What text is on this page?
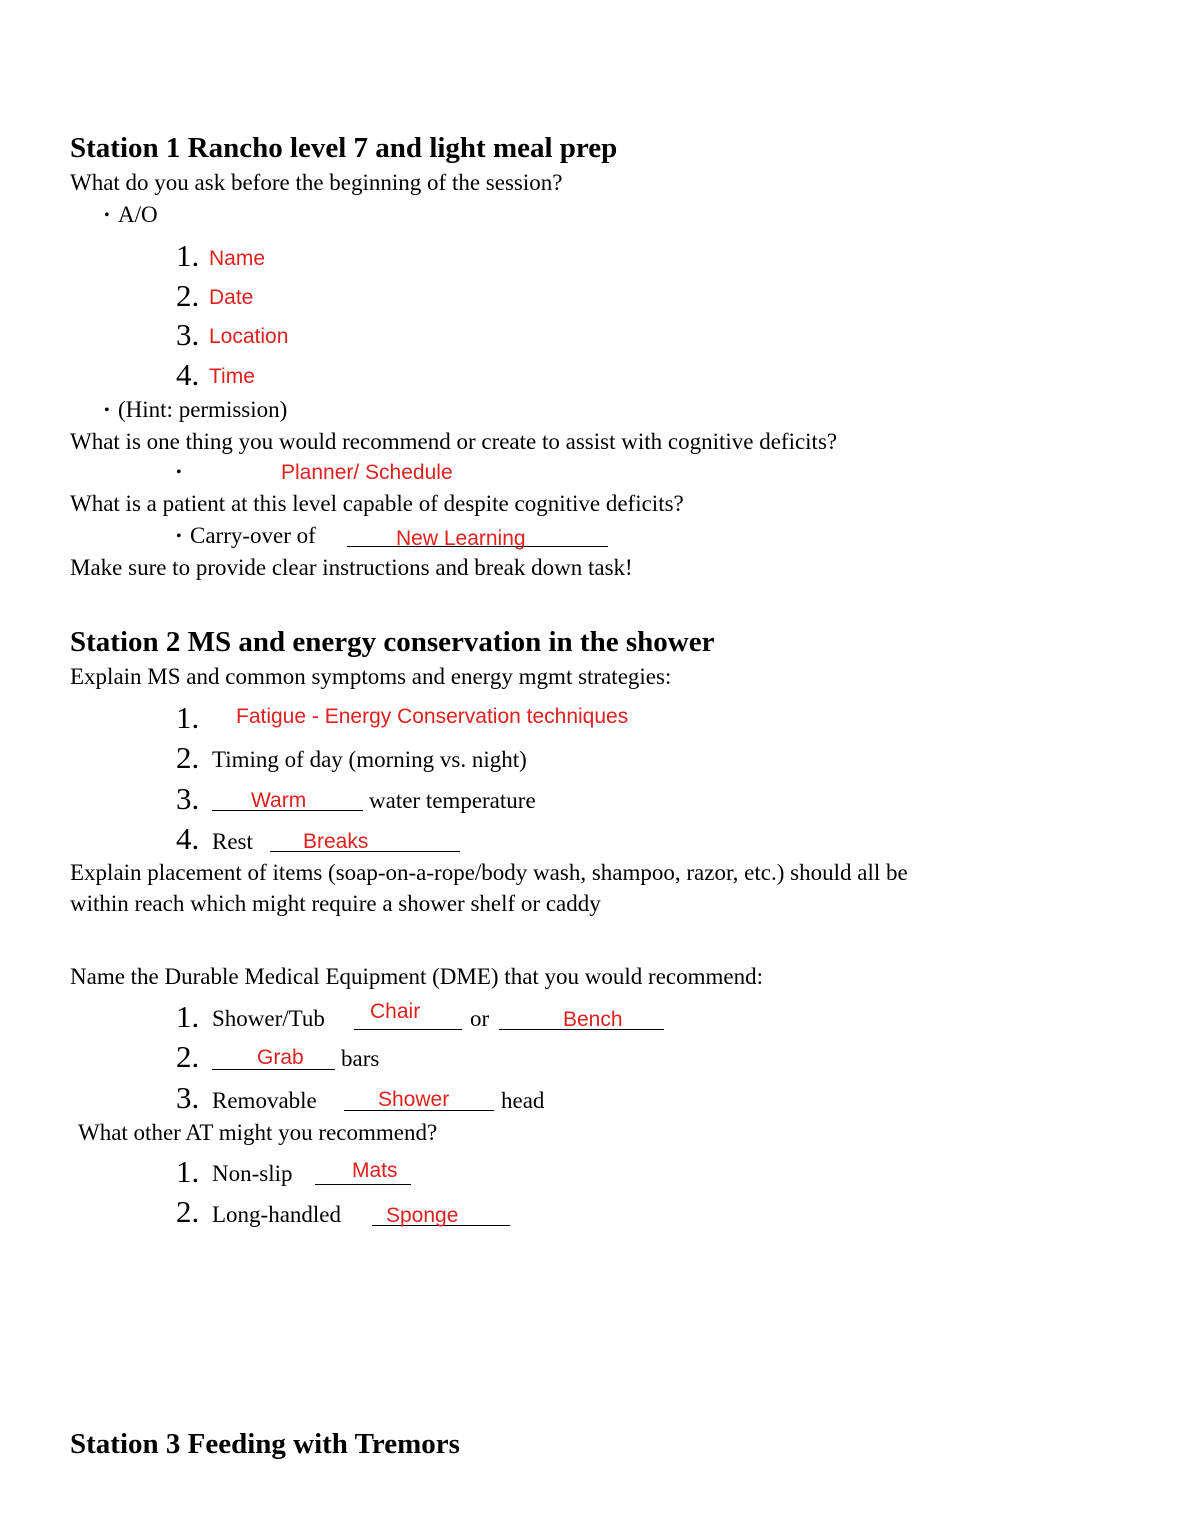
Station 1 Rancho level 7 and light meal prep
What do you ask before the beginning of the session?
• A/O
1. Name
2. Date
3. Location
4. Time
• (Hint: permission)
What is one thing you would recommend or create to assist with cognitive deficits?
•	Planner/ Schedule
What is a patient at this level capable of despite cognitive deficits?
• Carry-over of	New Learning
Make sure to provide clear instructions and break down task!
Station 2 MS and energy conservation in the shower
Explain MS and common symptoms and energy mgmt strategies:
1. Fatigue - Energy Conservation techniques
2. Timing of day (morning vs. night)
3. Warm	water temperature
4. Rest Breaks
Explain placement of items (soap-on-a-rope/body wash, shampoo, razor, etc.) should all be
within reach which might require a shower shelf or caddy
Name the Durable Medical Equipment (DME) that you would recommend:
1. Shower/Tub Chair or	Bench
2.	Grab bars
3. Removable	Shower head
What other AT might you recommend?
1. Non-slip	Mats
2. Long-handled Sponge
Station 3 Feeding with Tremors
